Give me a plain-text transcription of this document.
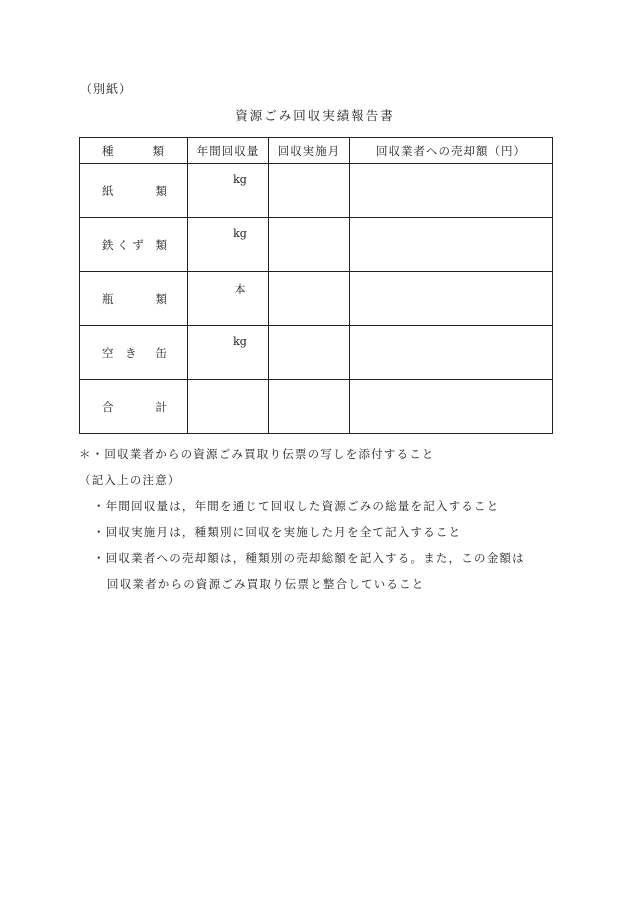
（別紙）
資源ごみ回収実績報告書
種 類	年間回収量	回収実施月	回収業者への売却額（円）

紙 類	kg		

鉄 く ず 類	kg		

瓶 類	本		

空　き 缶	kg		

合 計			

＊・回収業者からの資源ごみ買取り伝票の写しを添付すること
（記入上の注意）
・年間回収量は，年間を通じて回収した資源ごみの総量を記入すること
・回収実施月は，種類別に回収を実施した月を全て記入すること
・回収業者への売却額は，種類別の売却総額を記入する。また，この金額は
回収業者からの資源ごみ買取り伝票と整合していること
